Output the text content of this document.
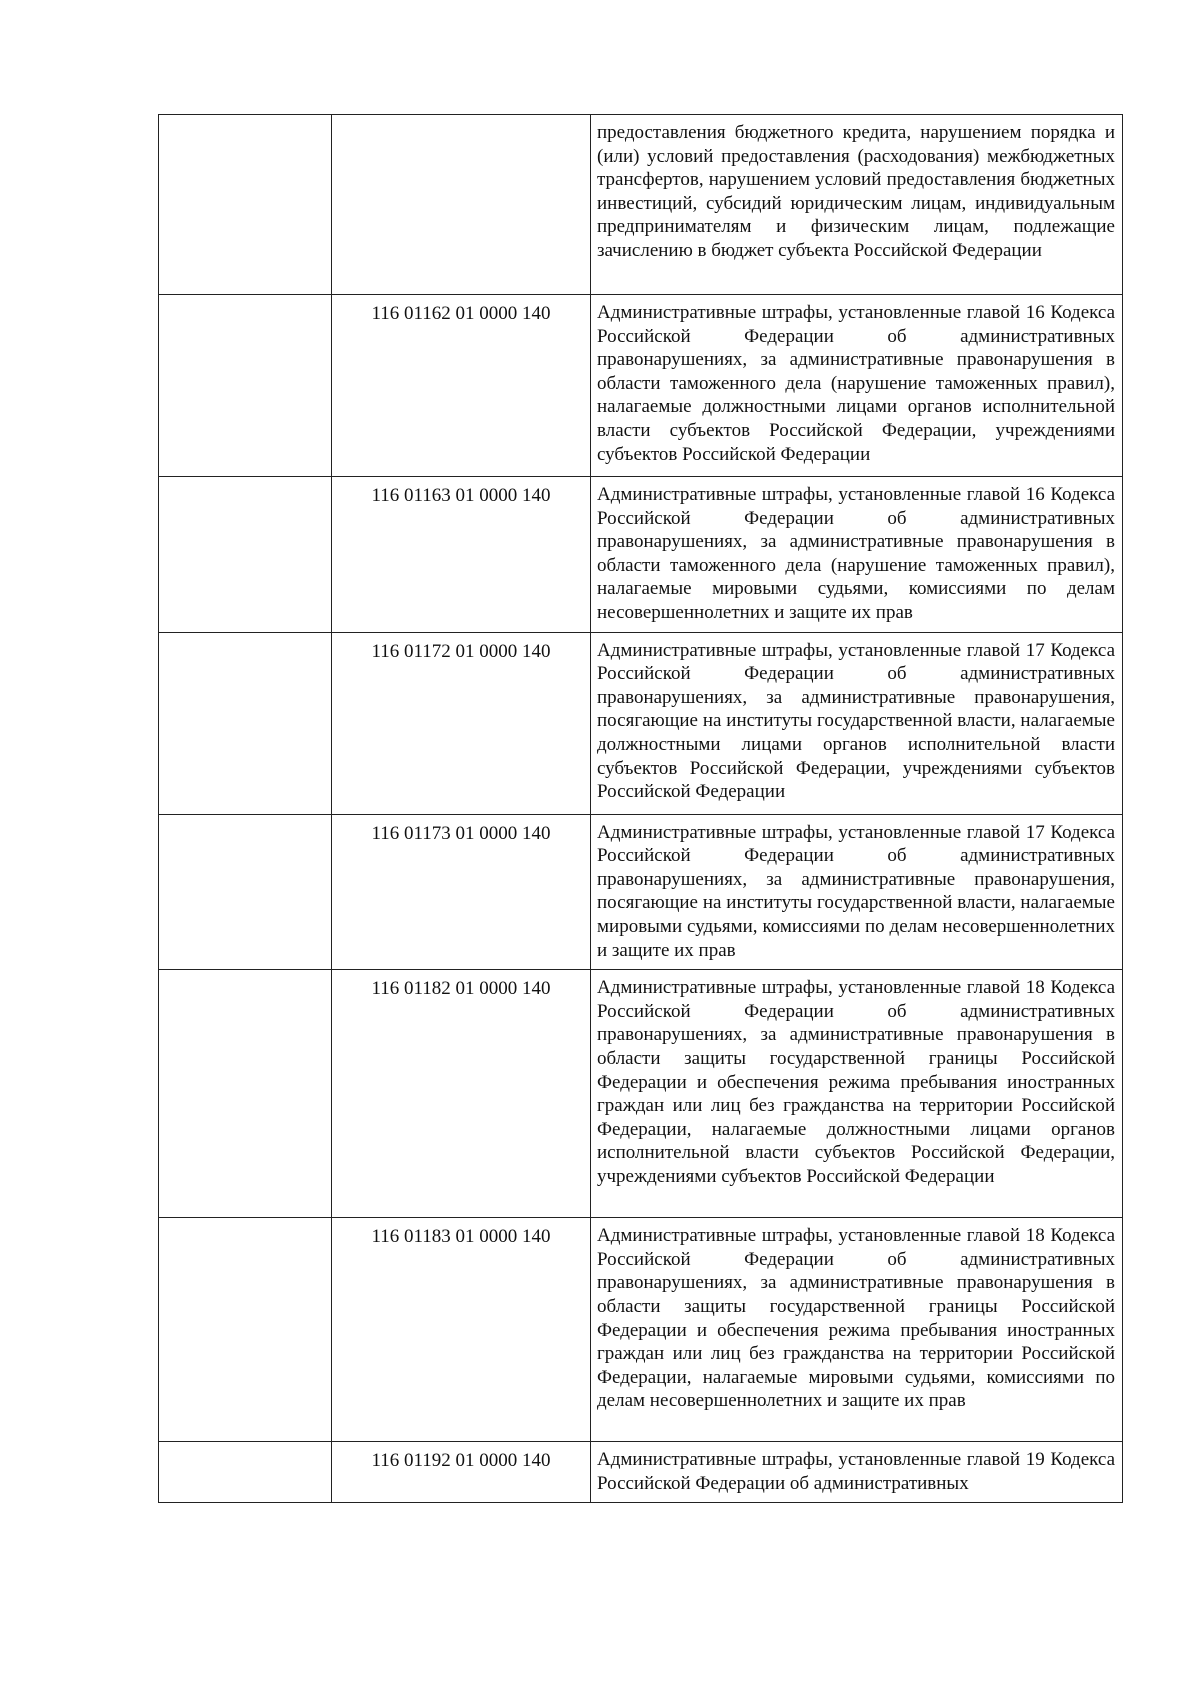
		предоставления бюджетного кредита, нарушением порядка и (или) условий предоставления (расходования) межбюджетных трансфертов, нарушением условий предоставления бюджетных инвестиций, субсидий юридическим лицам, индивидуальным предпринимателям и физическим лицам, подлежащие зачислению в бюджет субъекта Российской Федерации

	116 01162 01 0000 140	Административные штрафы, установленные главой 16 Кодекса Российской Федерации об административных правонарушениях, за административные правонарушения в области таможенного дела (нарушение таможенных правил), налагаемые должностными лицами органов исполнительной власти субъектов Российской Федерации, учреждениями субъектов Российской Федерации

	116 01163 01 0000 140	Административные штрафы, установленные главой 16 Кодекса Российской Федерации об административных правонарушениях, за административные правонарушения в области таможенного дела (нарушение таможенных правил), налагаемые мировыми судьями, комиссиями по делам несовершеннолетних и защите их прав

	116 01172 01 0000 140	Административные штрафы, установленные главой 17 Кодекса Российской Федерации об административных правонарушениях, за административные правонарушения, посягающие на институты государственной власти, налагаемые должностными лицами органов исполнительной власти субъектов Российской Федерации, учреждениями субъектов Российской Федерации

	116 01173 01 0000 140	Административные штрафы, установленные главой 17 Кодекса Российской Федерации об административных правонарушениях, за административные правонарушения, посягающие на институты государственной власти, налагаемые мировыми судьями, комиссиями по делам несовершеннолетних и защите их прав

	116 01182 01 0000 140	Административные штрафы, установленные главой 18 Кодекса Российской Федерации об административных правонарушениях, за административные правонарушения в области защиты государственной границы Российской Федерации и обеспечения режима пребывания иностранных граждан или лиц без гражданства на территории Российской Федерации, налагаемые должностными лицами органов исполнительной власти субъектов Российской Федерации, учреждениями субъектов Российской Федерации

	116 01183 01 0000 140	Административные штрафы, установленные главой 18 Кодекса Российской Федерации об административных правонарушениях, за административные правонарушения в области защиты государственной границы Российской Федерации и обеспечения режима пребывания иностранных граждан или лиц без гражданства на территории Российской Федерации, налагаемые мировыми судьями, комиссиями по делам несовершеннолетних и защите их прав

	116 01192 01 0000 140	Административные штрафы, установленные главой 19 Кодекса Российской Федерации об административных
